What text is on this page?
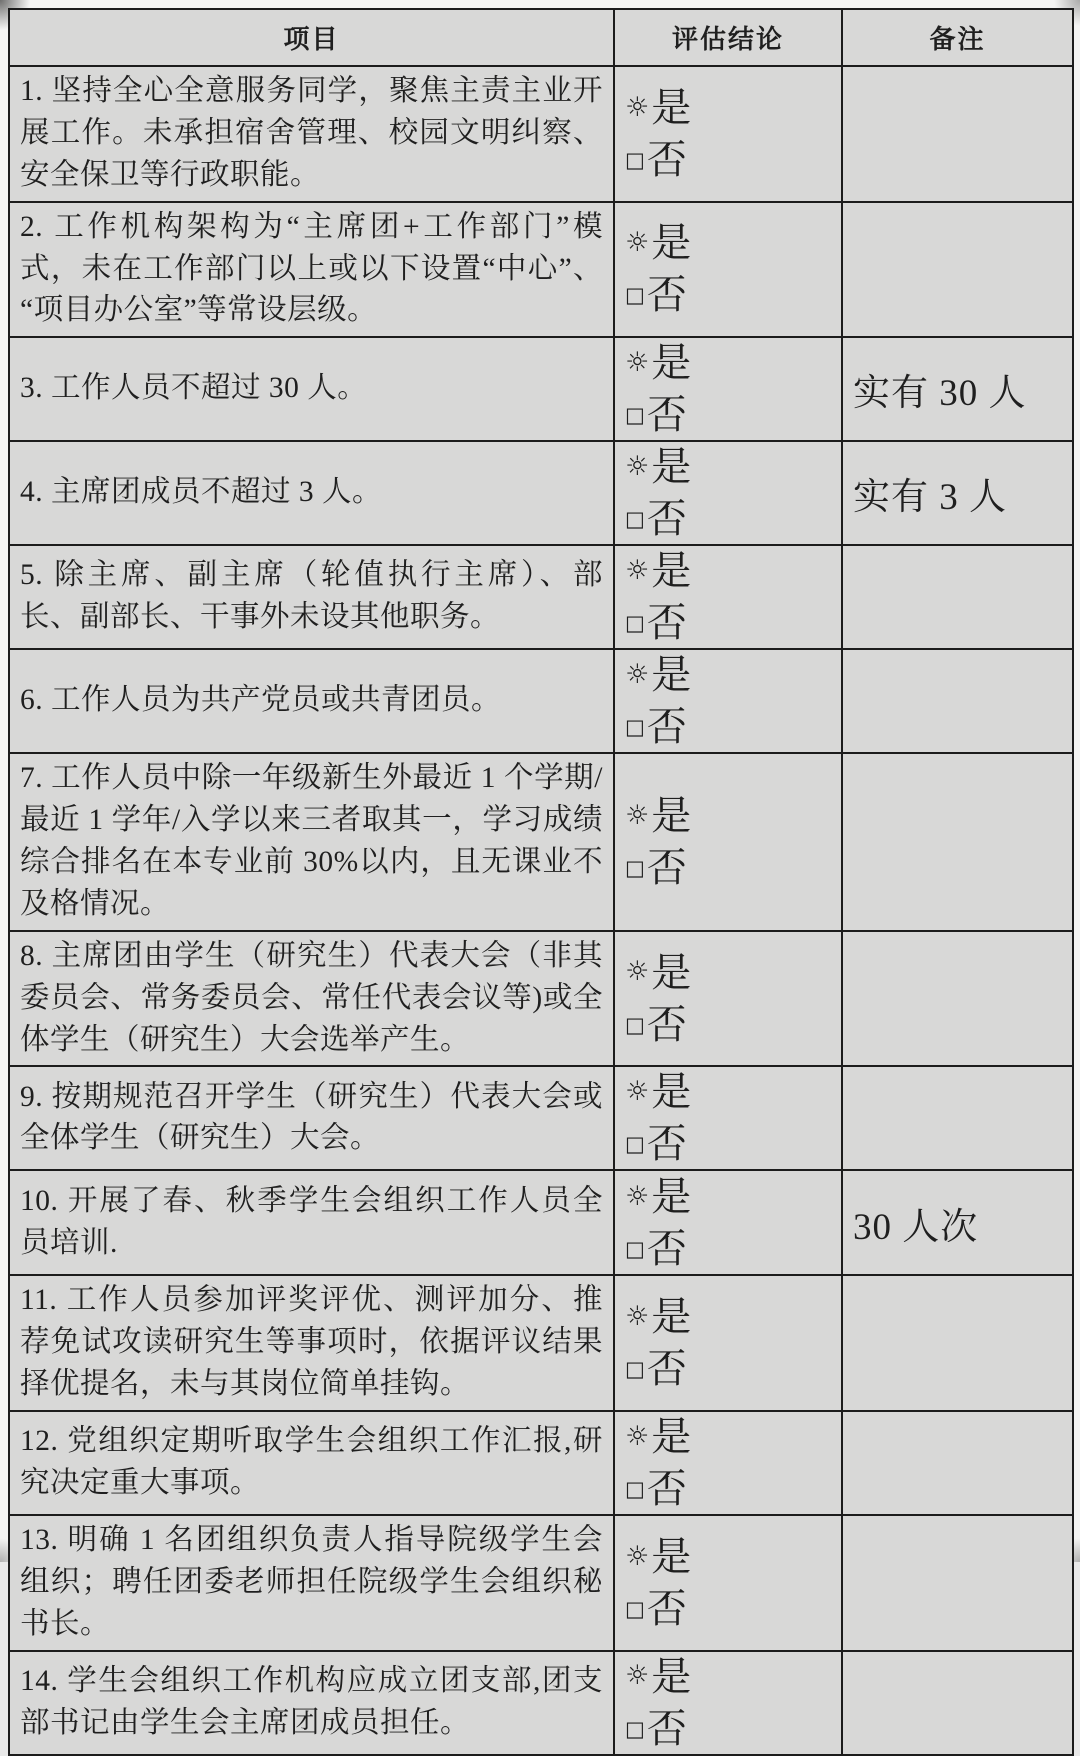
项目	评估结论	备注
1. 坚持全心全意服务同学，聚焦主责主业开展工作。未承担宿舍管理、校园文明纠察、安全保卫等行政职能。	☼ 是
□ 否	

2. 工作机构架构为“主席团+工作部门”模式，未在工作部门以上或以下设置“中心”、“项目办公室”等常设层级。	☼ 是
□ 否	

3. 工作人员不超过 30 人。	☼ 是
□ 否	实有 30 人
4. 主席团成员不超过 3 人。	☼ 是
□ 否	实有 3 人
5. 除主席、副主席（轮值执行主席）、部长、副部长、干事外未设其他职务。	☼ 是
□ 否	

6. 工作人员为共产党员或共青团员。	☼ 是
□ 否	

7. 工作人员中除一年级新生外最近 1 个学期/最近 1 学年/入学以来三者取其一，学习成绩综合排名在本专业前 30%以内，且无课业不及格情况。	☼ 是
□ 否	

8. 主席团由学生（研究生）代表大会（非其委员会、常务委员会、常任代表会议等)或全体学生（研究生）大会选举产生。	☼ 是
□ 否	

9. 按期规范召开学生（研究生）代表大会或全体学生（研究生）大会。	☼ 是
□ 否	

10. 开展了春、秋季学生会组织工作人员全员培训.	☼ 是
□ 否	30 人次
11. 工作人员参加评奖评优、测评加分、推荐免试攻读研究生等事项时，依据评议结果择优提名，未与其岗位简单挂钩。	☼ 是
□ 否	

12. 党组织定期听取学生会组织工作汇报,研究决定重大事项。	☼ 是
□ 否	

13. 明确 1 名团组织负责人指导院级学生会组织；聘任团委老师担任院级学生会组织秘书长。	☼ 是
□ 否	

14. 学生会组织工作机构应成立团支部,团支部书记由学生会主席团成员担任。	☼ 是
□ 否	
